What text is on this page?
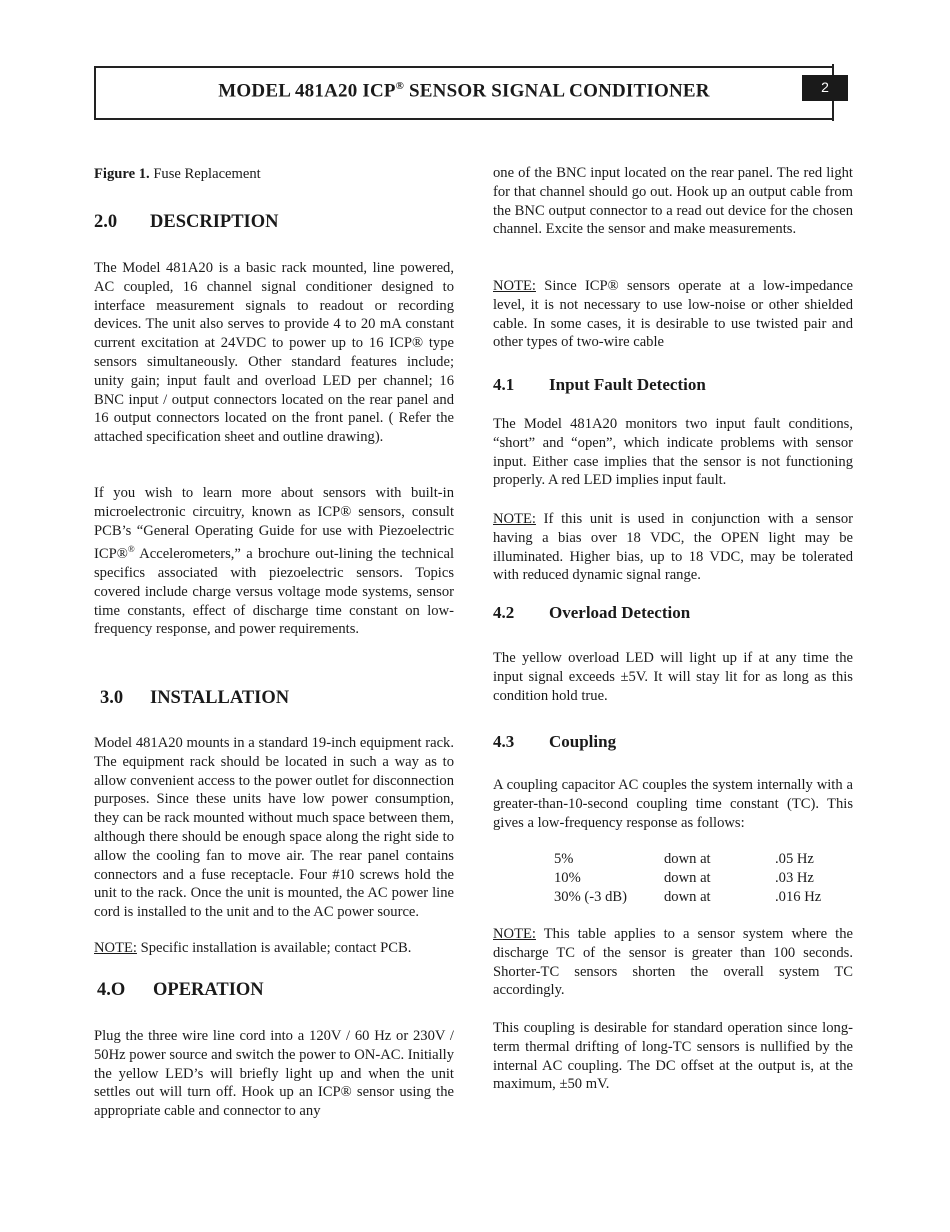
MODEL 481A20 ICP® SENSOR SIGNAL CONDITIONER	2
Figure 1. Fuse Replacement
2.0 DESCRIPTION

The Model 481A20 is a basic rack mounted, line powered, AC coupled, 16 channel signal conditioner designed to interface measurement signals to readout or recording devices. The unit also serves to provide 4 to 20 mA constant current excitation at 24VDC to power up to 16 ICP® type sensors simultaneously. Other standard features include; unity gain; input fault and overload LED per channel; 16 BNC input / output connectors located on the rear panel and 16 output connectors located on the front panel. ( Refer the attached specification sheet and outline drawing).

If you wish to learn more about sensors with built-in microelectronic circuitry, known as ICP® sensors, consult PCB’s “General Operating Guide for use with Piezoelectric ICP®® Accelerometers,” a brochure out-lining the technical specifics associated with piezoelectric sensors. Topics covered include charge versus voltage mode systems, sensor time constants, effect of discharge time constant on low-frequency response, and power requirements.

3.0 INSTALLATION

Model 481A20 mounts in a standard 19-inch equipment rack. The equipment rack should be located in such a way as to allow convenient access to the power outlet for disconnection purposes. Since these units have low power consumption, they can be rack mounted without much space between them, although there should be enough space along the right side to allow the cooling fan to move air. The rear panel contains connectors and a fuse receptacle. Four #10 screws hold the unit to the rack. Once the unit is mounted, the AC power line cord is installed to the unit and to the AC power source.

NOTE: Specific installation is available; contact PCB.

4.O OPERATION

Plug the three wire line cord into a 120V / 60 Hz or 230V / 50Hz power source and switch the power to ON-AC. Initially the yellow LED’s will briefly light up and when the unit settles out will turn off. Hook up an ICP® sensor using the appropriate cable and connector to any

one of the BNC input located on the rear panel. The red light for that channel should go out. Hook up an output cable from the BNC output connector to a read out device for the chosen channel. Excite the sensor and make measurements.

NOTE: Since ICP® sensors operate at a low-impedance level, it is not necessary to use low-noise or other shielded cable. In some cases, it is desirable to use twisted pair and other types of two-wire cable

4.1 Input Fault Detection

The Model 481A20 monitors two input fault conditions, “short” and “open”, which indicate problems with sensor input. Either case implies that the sensor is not functioning properly. A red LED implies input fault.

NOTE: If this unit is used in conjunction with a sensor having a bias over 18 VDC, the OPEN light may be illuminated. Higher bias, up to 18 VDC, may be tolerated with reduced dynamic signal range.

4.2 Overload Detection

The yellow overload LED will light up if at any time the input signal exceeds ±5V. It will stay lit for as long as this condition hold true.

4.3 Coupling

A coupling capacitor AC couples the system internally with a greater-than-10-second coupling time constant (TC). This gives a low-frequency response as follows:

5%	down at	.05 Hz
10%	down at	.03 Hz
30% (-3 dB)	down at	.016 Hz

NOTE: This table applies to a sensor system where the discharge TC of the sensor is greater than 100 seconds. Shorter-TC sensors shorten the overall system TC accordingly.

This coupling is desirable for standard operation since long-term thermal drifting of long-TC sensors is nullified by the internal AC coupling. The DC offset at the output is, at the maximum, ±50 mV.
